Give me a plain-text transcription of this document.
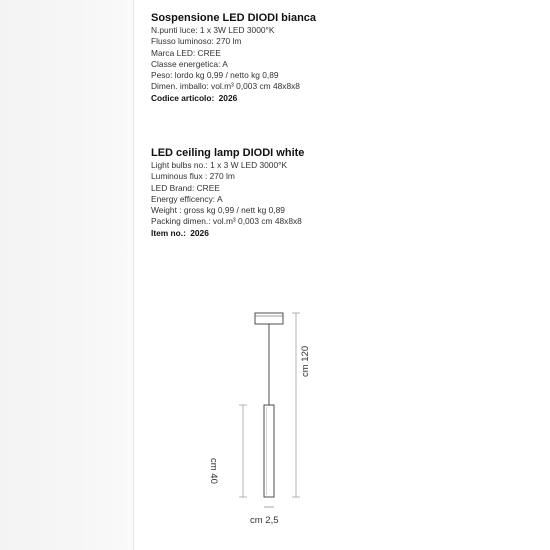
Sospensione LED DIODI bianca
N.punti luce: 1 x 3W LED 3000°K
Flusso luminoso: 270 lm
Marca LED: CREE
Classe energetica: A
Peso: lordo kg 0,99 / netto kg 0,89
Dimen. imballo: vol.m³ 0,003 cm 48x8x8
Codice articolo: 2026
LED ceiling lamp DIODI white
Light bulbs no.: 1 x 3 W LED 3000°K
Luminous flux : 270 lm
LED Brand: CREE
Energy efficency: A
Weight : gross kg 0,99 / nett kg 0,89
Packing dimen.: vol.m³ 0,003 cm 48x8x8
Item no.: 2026
cm 120
cm 40
cm 2,5
